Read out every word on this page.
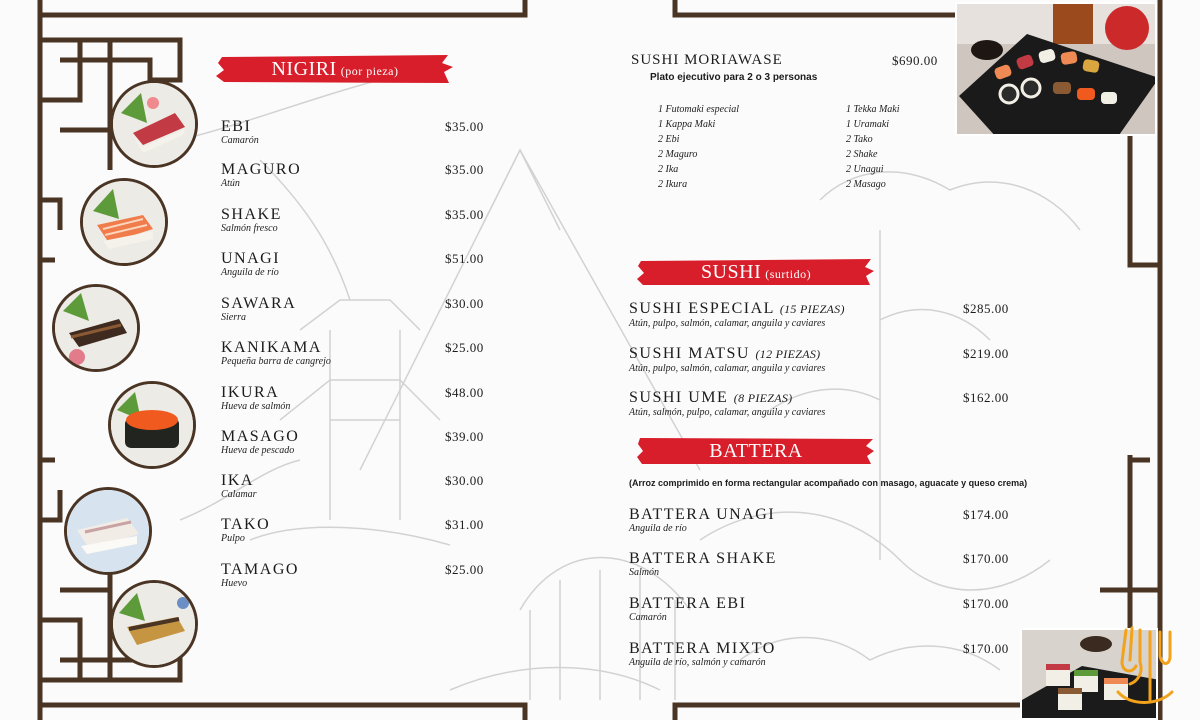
NIGIRI (por pieza)
EBI
Camarón
$35.00
MAGURO
Atún
$35.00
SHAKE
Salmón fresco
$35.00
UNAGI
Anguila de río
$51.00
SAWARA
Sierra
$30.00
KANIKAMA
Pequeña barra de cangrejo
$25.00
IKURA
Hueva de salmón
$48.00
MASAGO
Hueva de pescado
$39.00
IKA
Calamar
$30.00
TAKO
Pulpo
$31.00
TAMAGO
Huevo
$25.00
SUSHI MORIAWASE	$690.00
Plato ejecutivo para 2 o 3 personas
1 Futomaki especial
1 Kappa Maki
2 Ebi
2 Maguro
2 Ika
2 Ikura
1 Tekka Maki
1 Uramaki
2 Tako
2 Shake
2 Unagui
2 Masago
SUSHI (surtido)
SUSHI ESPECIAL (15 PIEZAS)
Atún, pulpo, salmón, calamar, anguila y caviares
$285.00
SUSHI MATSU (12 PIEZAS)
Atún, pulpo, salmón, calamar, anguila y caviares
$219.00
SUSHI UME (8 PIEZAS)
Atún, salmón, pulpo, calamar, anguila y caviares
$162.00
BATTERA
(Arroz comprimido en forma rectangular acompañado con masago, aguacate y queso crema)
BATTERA UNAGI
Anguila de río
$174.00
BATTERA SHAKE
Salmón
$170.00
BATTERA EBI
Camarón
$170.00
BATTERA MIXTO
Anguila de río, salmón y camarón
$170.00
